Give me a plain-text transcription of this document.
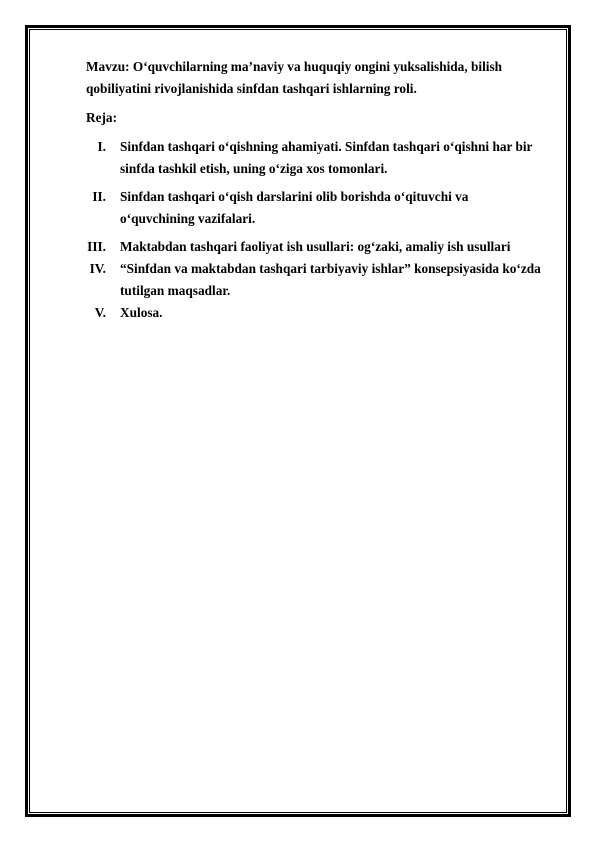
Mavzu: O‘quvchilarning ma’naviy va huquqiy ongini yuksalishida, bilish qobiliyatini rivojlanishida sinfdan tashqari ishlarning roli.

Reja:
I. Sinfdan tashqari o‘qishning ahamiyati. Sinfdan tashqari o‘qishni har bir sinfda tashkil etish, uning o‘ziga xos tomonlari.
II. Sinfdan tashqari o‘qish darslarini olib borishda o‘qituvchi va o‘quvchining vazifalari.
III. Maktabdan tashqari faoliyat ish usullari: og‘zaki, amaliy ish usullari
IV. “Sinfdan va maktabdan tashqari tarbiyaviy ishlar” konsepsiyasida ko‘zda tutilgan maqsadlar.
V. Xulosa.
